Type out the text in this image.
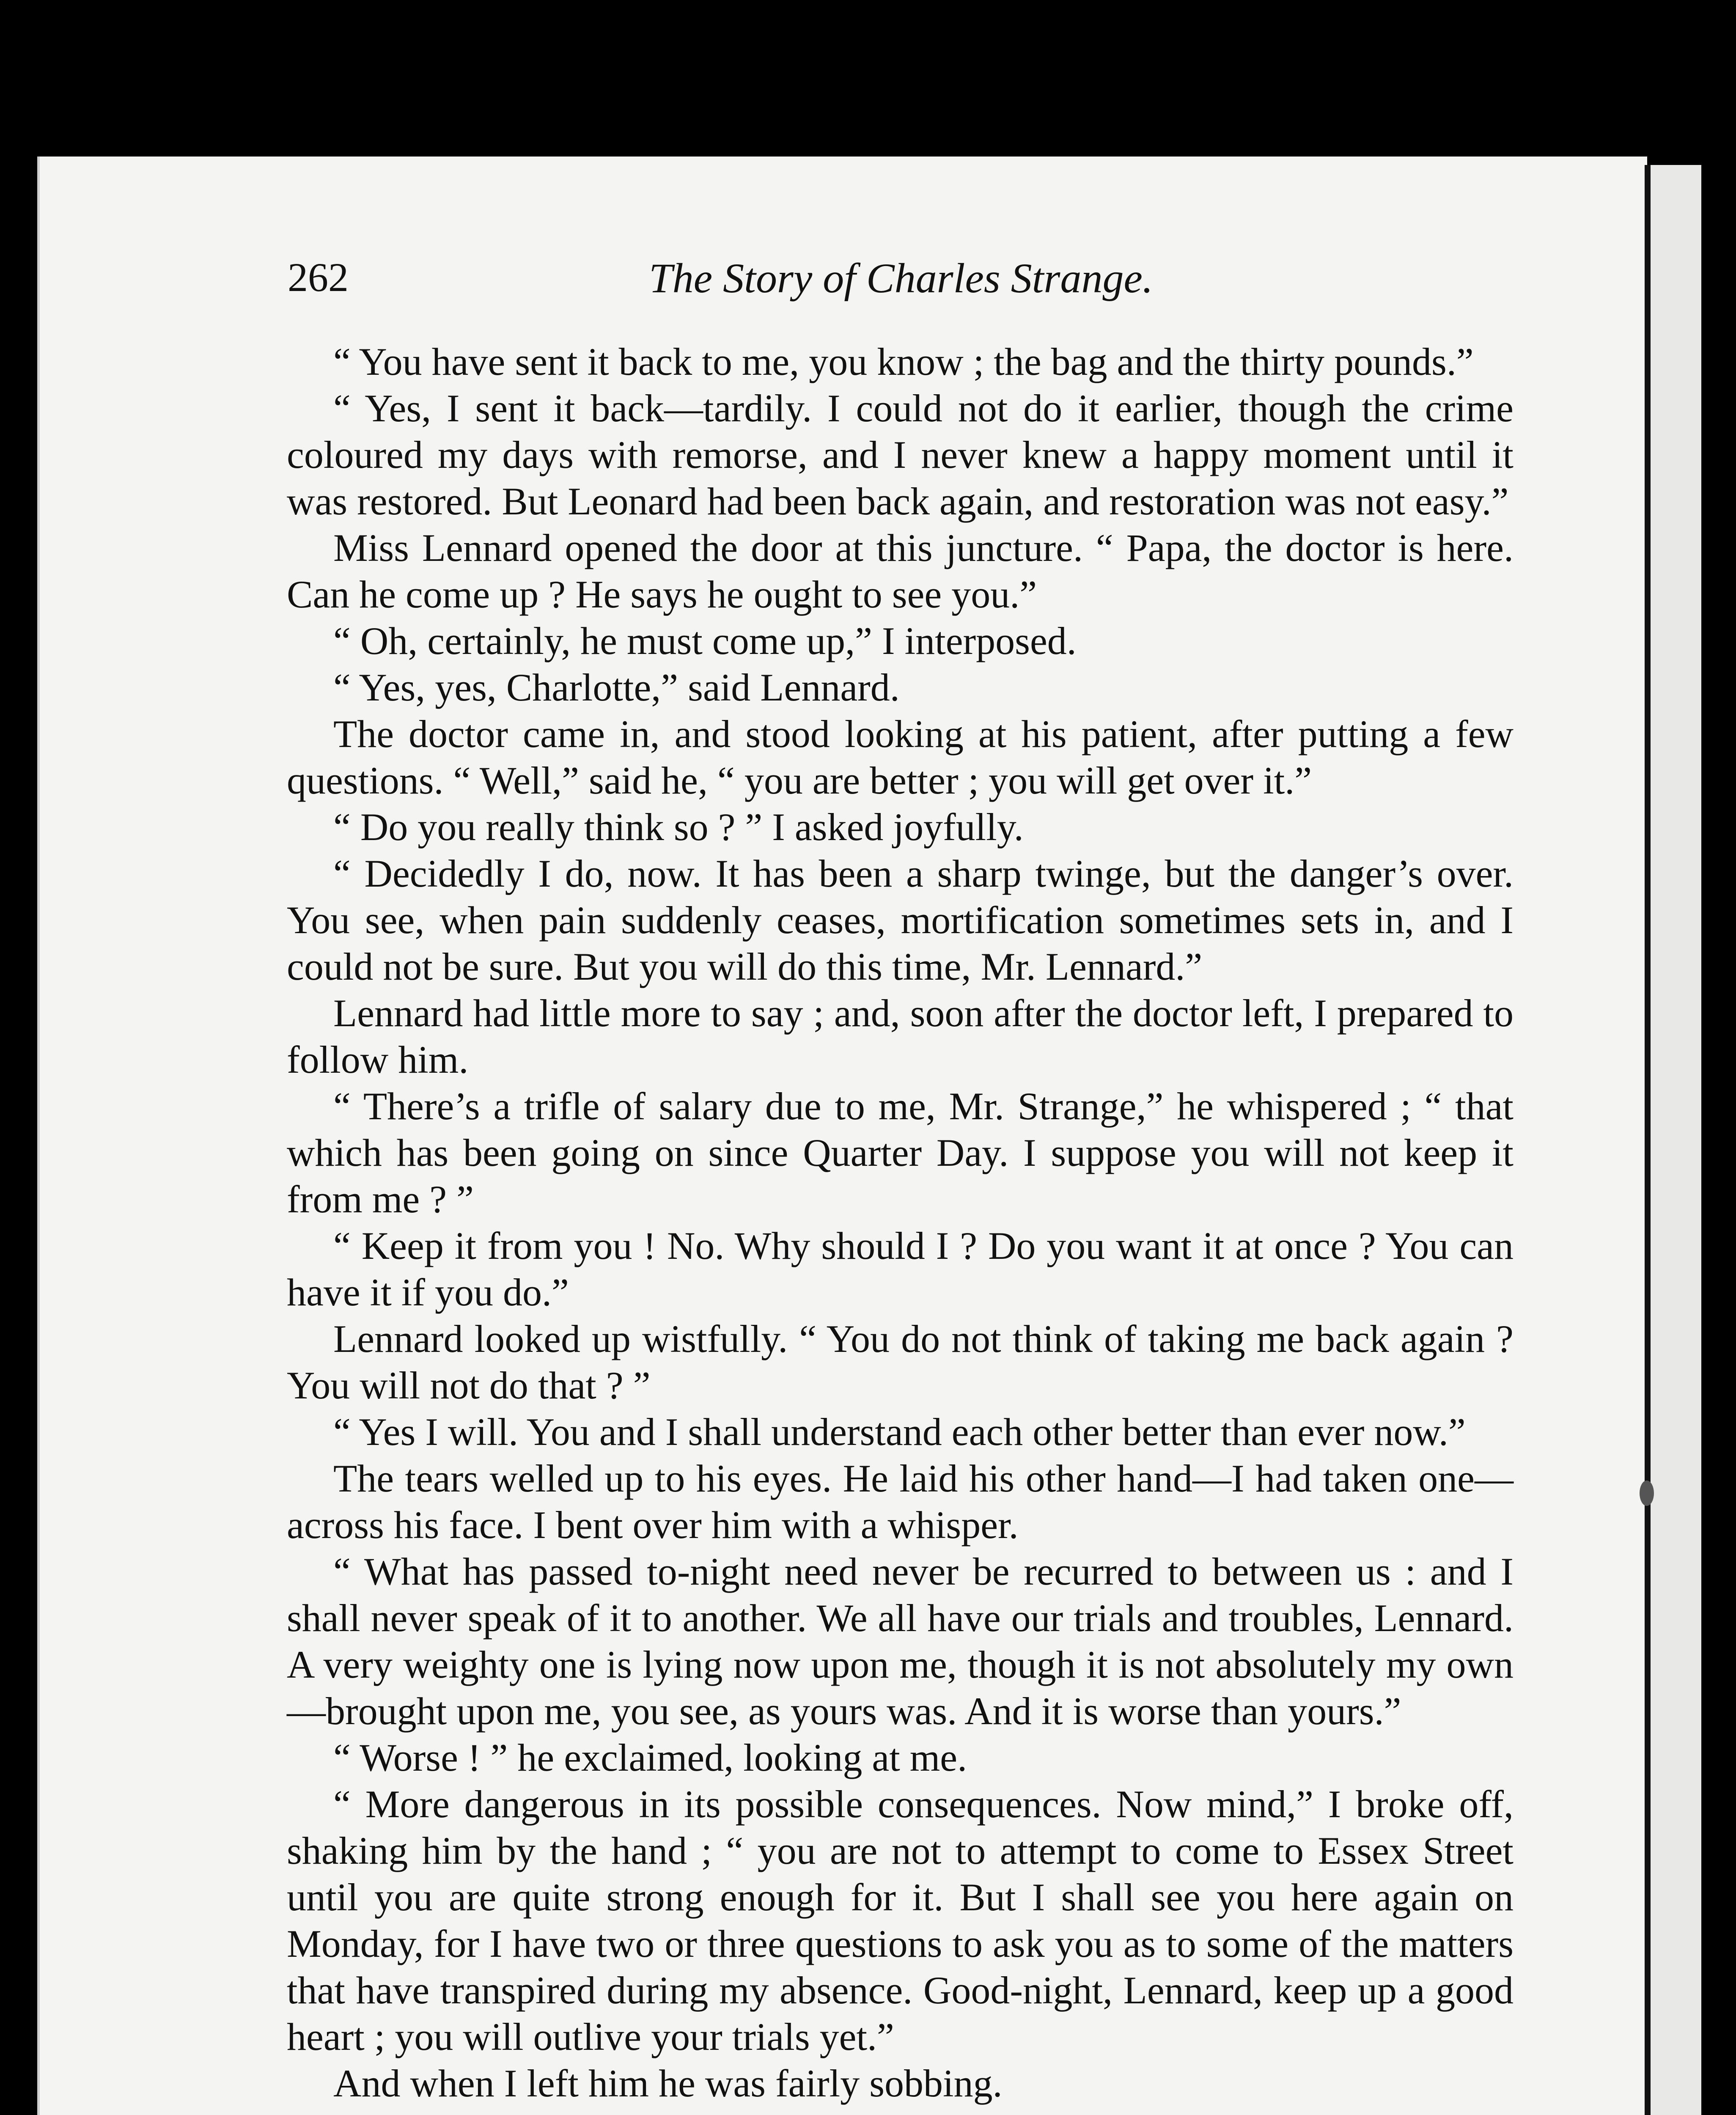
262	The Story of Charles Strange.

“ You have sent it back to me, you know ; the bag and the thirty pounds.”

“ Yes, I sent it back—tardily. I could not do it earlier, though the crime coloured my days with remorse, and I never knew a happy moment until it was restored. But Leonard had been back again, and restoration was not easy.”

Miss Lennard opened the door at this juncture. “ Papa, the doctor is here. Can he come up ? He says he ought to see you.”

“ Oh, certainly, he must come up,” I interposed.

“ Yes, yes, Charlotte,” said Lennard.

The doctor came in, and stood looking at his patient, after putting a few questions. “ Well,” said he, “ you are better ; you will get over it.”

“ Do you really think so ? ” I asked joyfully.

“ Decidedly I do, now. It has been a sharp twinge, but the danger’s over. You see, when pain suddenly ceases, mortification sometimes sets in, and I could not be sure. But you will do this time, Mr. Lennard.”

Lennard had little more to say ; and, soon after the doctor left, I prepared to follow him.

“ There’s a trifle of salary due to me, Mr. Strange,” he whispered ; “ that which has been going on since Quarter Day. I suppose you will not keep it from me ? ”

“ Keep it from you ! No. Why should I ? Do you want it at once ? You can have it if you do.”

Lennard looked up wistfully. “ You do not think of taking me back again ? You will not do that ? ”

“ Yes I will. You and I shall understand each other better than ever now.”

The tears welled up to his eyes. He laid his other hand—I had taken one—across his face. I bent over him with a whisper.

“ What has passed to-night need never be recurred to between us : and I shall never speak of it to another. We all have our trials and troubles, Lennard. A very weighty one is lying now upon me, though it is not absolutely my own—brought upon me, you see, as yours was. And it is worse than yours.”

“ Worse ! ” he exclaimed, looking at me.

“ More dangerous in its possible consequences. Now mind,” I broke off, shaking him by the hand ; “ you are not to attempt to come to Essex Street until you are quite strong enough for it. But I shall see you here again on Monday, for I have two or three questions to ask you as to some of the matters that have transpired during my absence. Good-night, Lennard, keep up a good heart ; you will outlive your trials yet.”

And when I left him he was fairly sobbing.
